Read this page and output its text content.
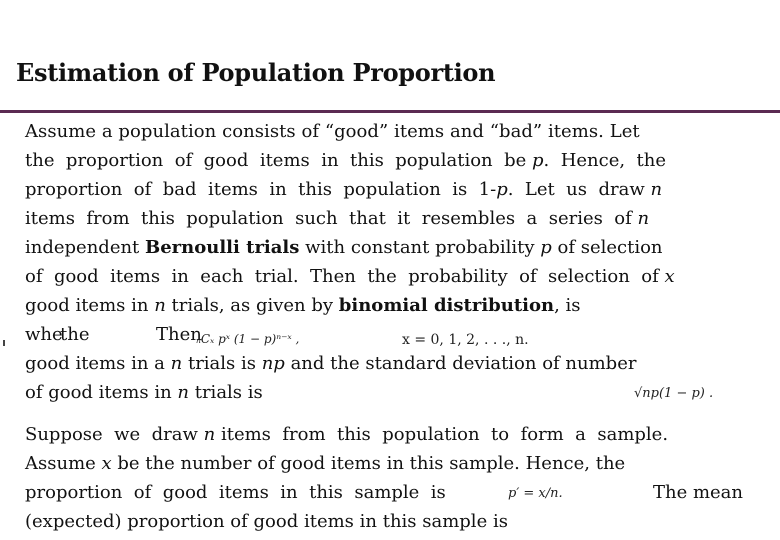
Estimation of Population Proportion
Assume a population consists of “good” items and “bad” items. Let
the  proportion  of  good  items  in  this  population  be p.  Hence,  the
proportion  of  bad  items  in  this  population  is  1-p.  Let  us  draw n
items  from  this  population  such  that  it  resembles  a  series  of n
independent Bernoulli trials with constant probability p of selection
of  good  items  in  each  trial.  Then  the  probability  of  selection  of x
good items in n trials, as given by binomial distribution, is
whe
the	Then
good items in a n trials is np and the standard deviation of number
of good items in n trials is
ₙCₓ pˣ (1 − p)ⁿ⁻ˣ ,	x = 0, 1, 2, . . ., n.
√np(1 − p) .
Suppose  we  draw n items  from  this  population  to  form  a  sample.
Assume x be the number of good items in this sample. Hence, the
proportion  of  good  items  in  this  sample  is	The mean
(expected) proportion of good items in this sample is
p′ = x/n.
